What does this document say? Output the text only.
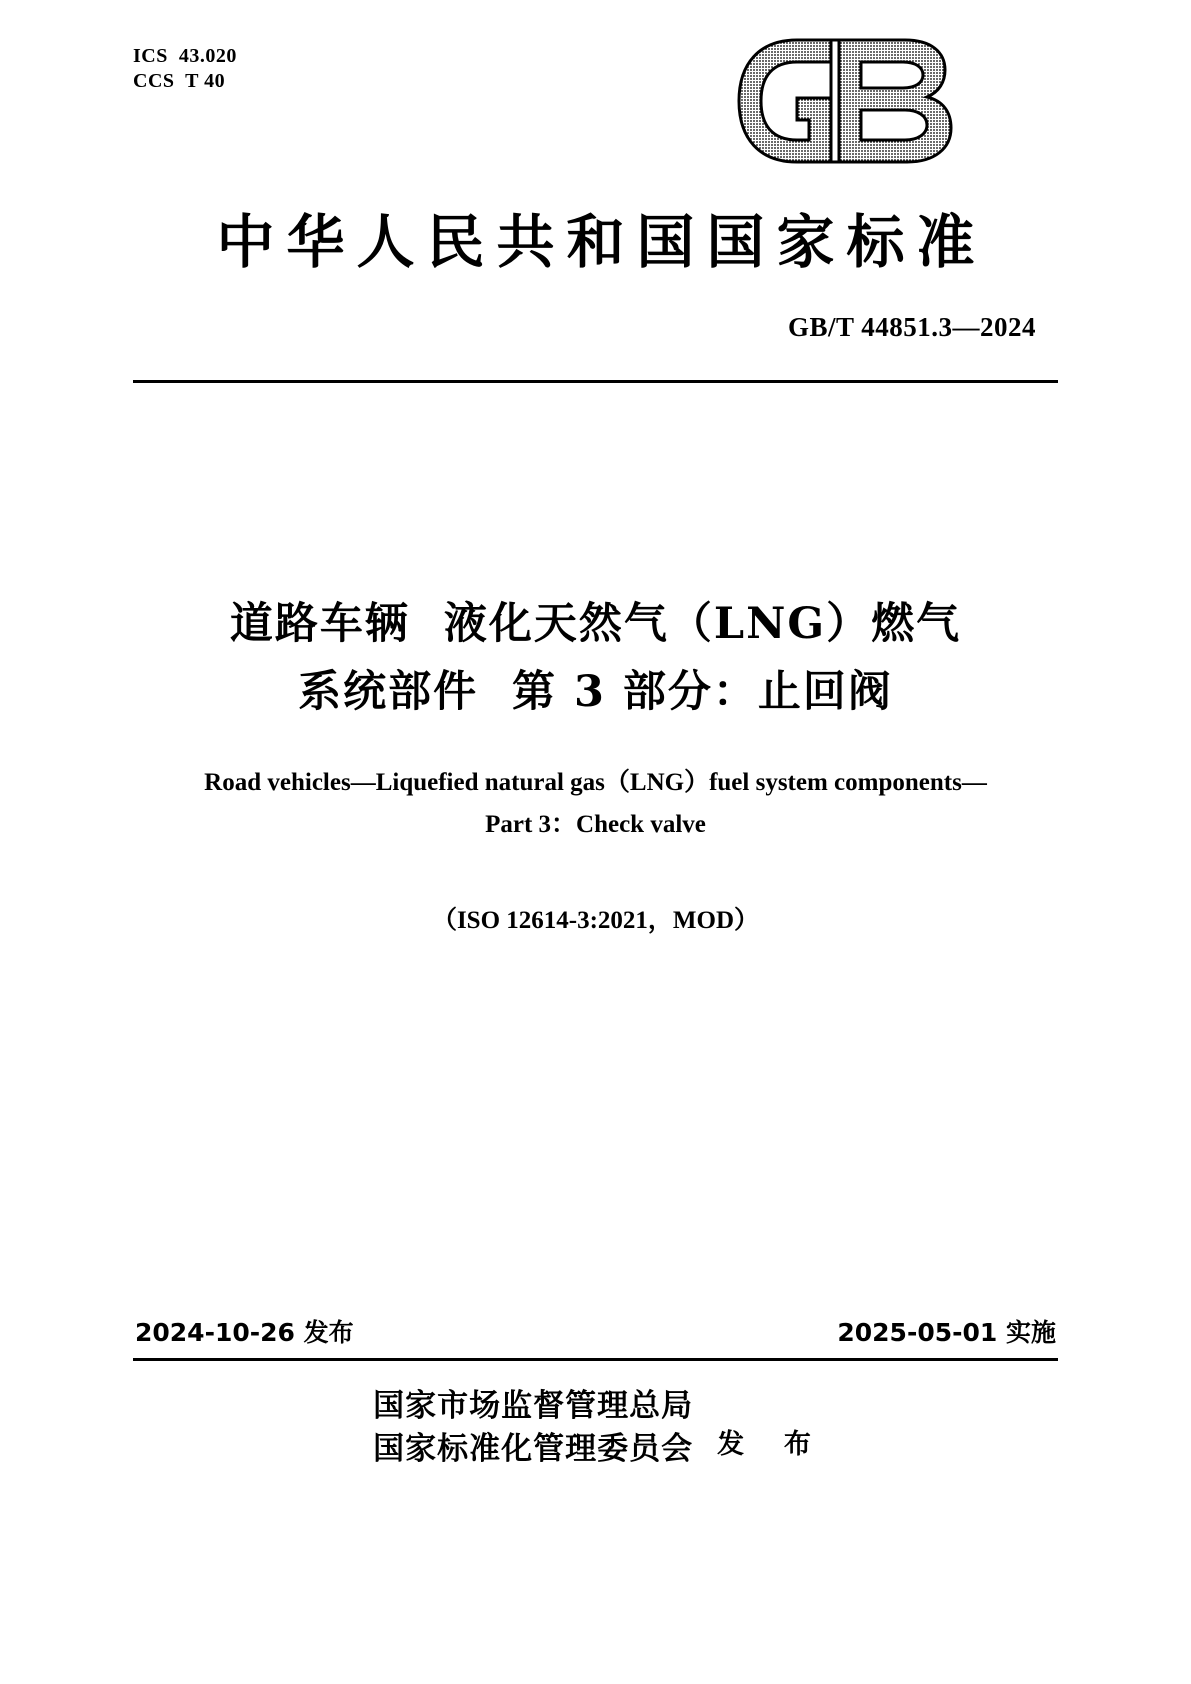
ICS  43.020
CCS  T 40
中华人民共和国国家标准
GB/T 44851.3—2024
道路车辆  液化天然气（LNG）燃气
系统部件  第 3 部分：止回阀
Road vehicles—Liquefied natural gas（LNG）fuel system components—
Part 3：Check valve
（ISO 12614-3:2021，MOD）
2024-10-26 发布	2025-05-01 实施
国家市场监督管理总局
国家标准化管理委员会 发  布
